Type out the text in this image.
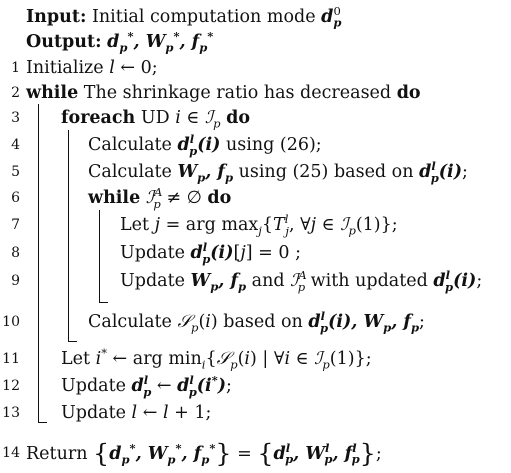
Input: Initial computation mode $d_p^0$
Output: $d_p^*$, $W_p^*$, $f_p^*$
1 Initialize l ← 0;
2 while The shrinkage ratio has decreased do
3 foreach UD i ∈ ℐ$_p$ do
4	Calculate $d^l_p(i)$ using (26);
5	Calculate $W_p$, $f_p$ using (25) based on $d^l_p(i)$;
6	while ℐ$^A_p$ ≠ ∅ do
7	Let j = arg $\max_j\{T^l_j$, ∀j ∈ ℐ$_p$(1)};
8	Update $d^l_p(i)[j] = 0$ ;
9	Update $W_p$, $f_p$ and ℐ$^A_p$ with updated $d^l_p(i)$;
10	Calculate 𝒮$_p$(i) based on $d^l_p(i)$, $W_p$, $f_p$;
11 Let i* ← arg $\min_i\{𝒮_p(i)$ | ∀i ∈ ℐ$_p$(1)};
12 Update $d^l_p$ ← $d^l_p(i^*)$;
13 Update l ← l + 1;
14 Return {$d_p^*$, $W_p^*$, $f_p^*\} = \{d^l_p$, $W^l_p$, $f^l_p$};
